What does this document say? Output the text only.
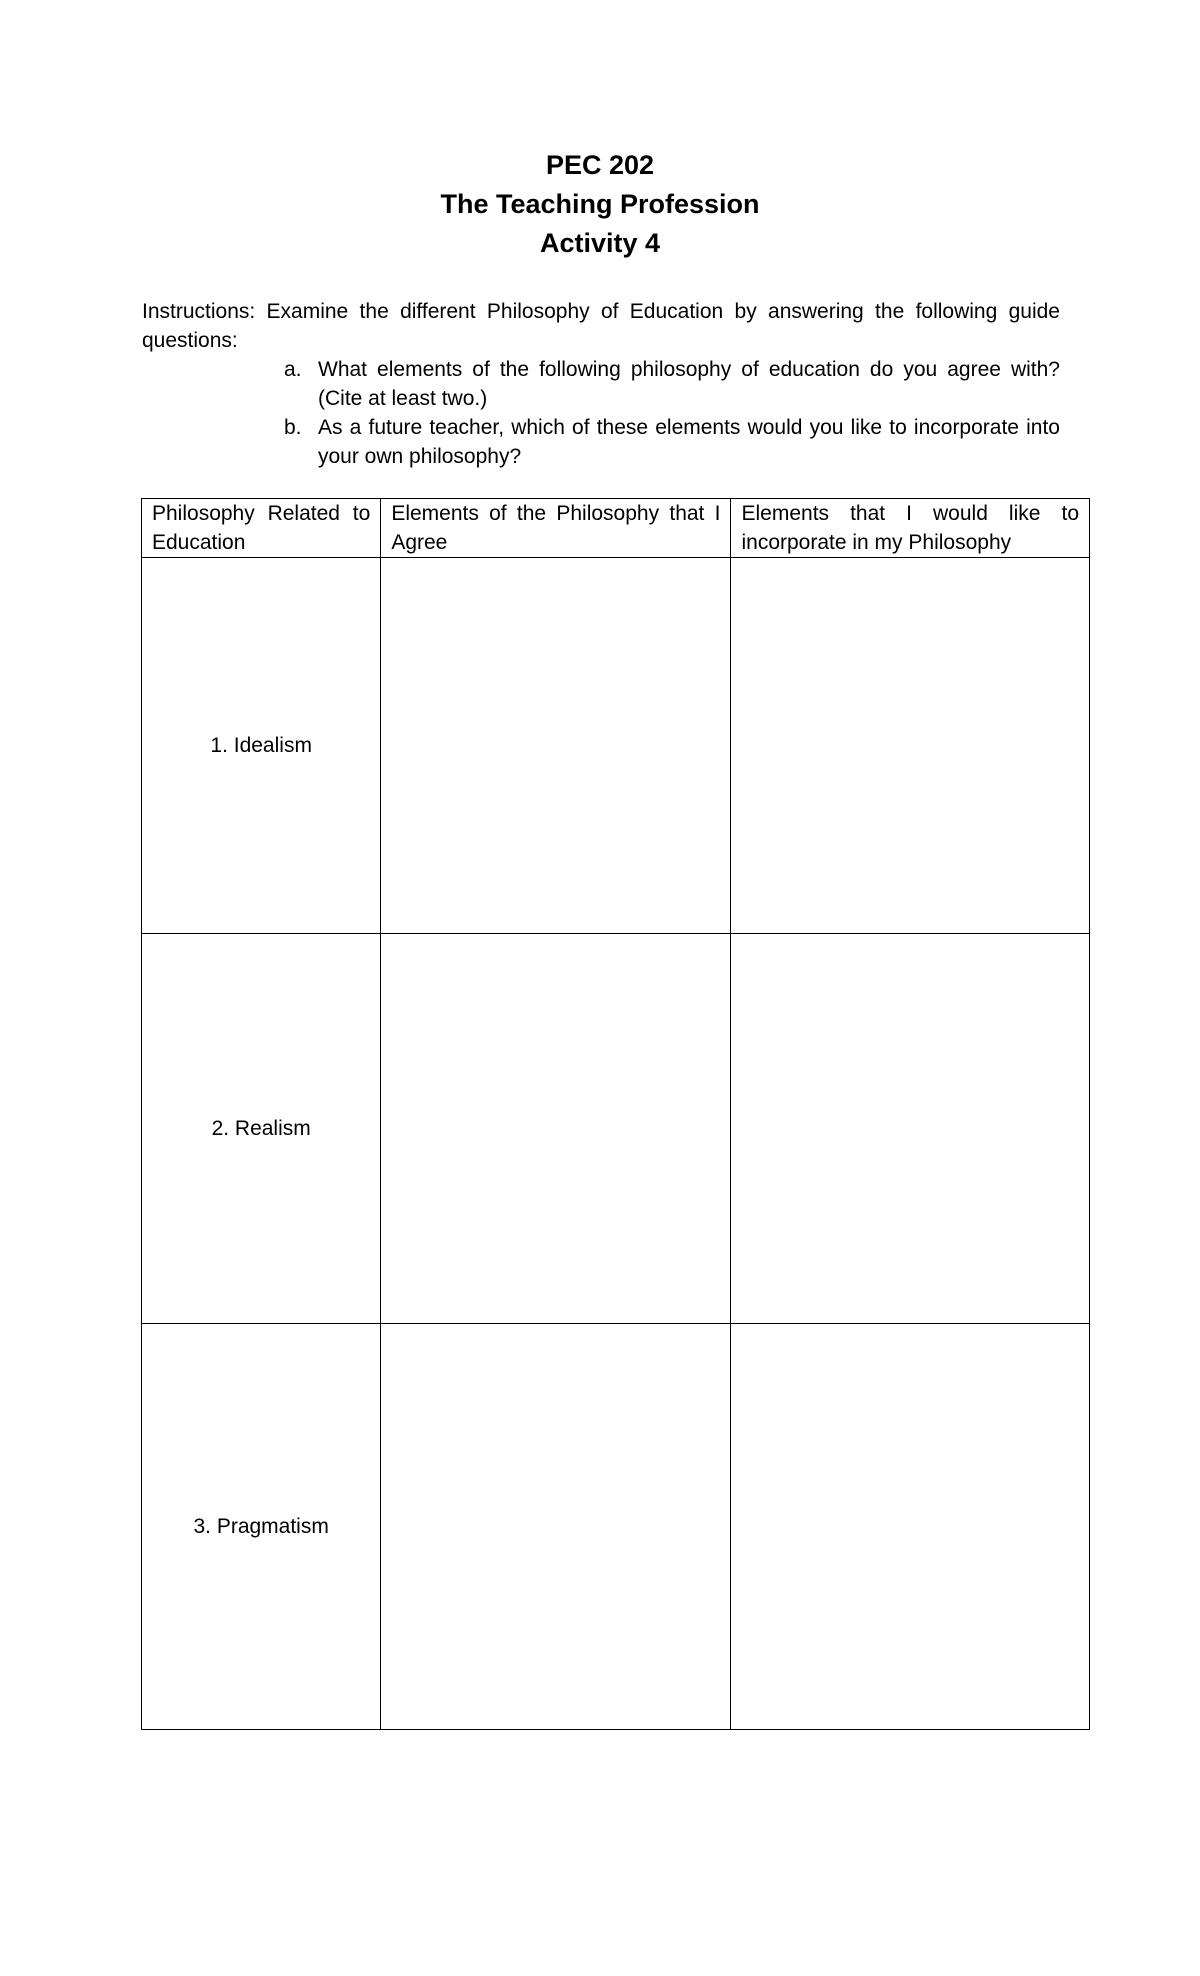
PEC 202
The Teaching Profession
Activity 4
Instructions: Examine the different Philosophy of Education by answering the following guide questions:
a. What elements of the following philosophy of education do you agree with? (Cite at least two.)
b. As a future teacher, which of these elements would you like to incorporate into your own philosophy?
Philosophy Related to Education	Elements of the Philosophy that I Agree	Elements that I would like to incorporate in my Philosophy
1. Idealism		
2. Realism		
3. Pragmatism		
